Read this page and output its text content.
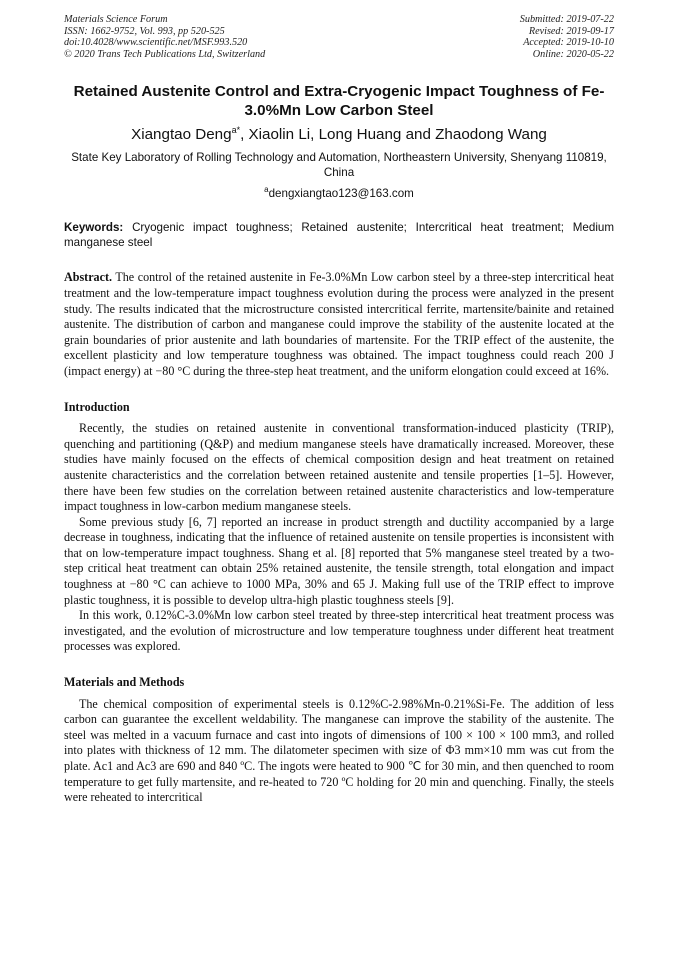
Materials Science Forum
ISSN: 1662-9752, Vol. 993, pp 520-525
doi:10.4028/www.scientific.net/MSF.993.520
© 2020 Trans Tech Publications Ltd, Switzerland
Submitted: 2019-07-22
Revised: 2019-09-17
Accepted: 2019-10-10
Online: 2020-05-22
Retained Austenite Control and Extra-Cryogenic Impact Toughness of Fe-3.0%Mn Low Carbon Steel
Xiangtao Deng$^{a*}$, Xiaolin Li, Long Huang and Zhaodong Wang
State Key Laboratory of Rolling Technology and Automation, Northeastern University, Shenyang 110819, China
$^a$dengxiangtao123@163.com
Keywords: Cryogenic impact toughness; Retained austenite; Intercritical heat treatment; Medium manganese steel
Abstract. The control of the retained austenite in Fe-3.0%Mn Low carbon steel by a three-step intercritical heat treatment and the low-temperature impact toughness evolution during the process were analyzed in the present study. The results indicated that the microstructure consisted intercritical ferrite, martensite/bainite and retained austenite. The distribution of carbon and manganese could improve the stability of the austenite located at the grain boundaries of prior austenite and lath boundaries of martensite. For the TRIP effect of the austenite, the excellent plasticity and low temperature toughness was obtained. The impact toughness could reach 200 J (impact energy) at −80 °C during the three-step heat treatment, and the uniform elongation could exceed at 16%.
Introduction

Recently, the studies on retained austenite in conventional transformation-induced plasticity (TRIP), quenching and partitioning (Q&P) and medium manganese steels have dramatically increased. Moreover, these studies have mainly focused on the effects of chemical composition design and heat treatment on retained austenite characteristics and the correlation between retained austenite and tensile properties [1–5]. However, there have been few studies on the correlation between retained austenite characteristics and low-temperature impact toughness in low-carbon medium manganese steels.

Some previous study [6, 7] reported an increase in product strength and ductility accompanied by a large decrease in toughness, indicating that the influence of retained austenite on tensile properties is inconsistent with that on low-temperature impact toughness. Shang et al. [8] reported that 5% manganese steel treated by a two-step critical heat treatment can obtain 25% retained austenite, the tensile strength, total elongation and impact toughness at −80 °C can achieve to 1000 MPa, 30% and 65 J. Making full use of the TRIP effect to improve plastic toughness, it is possible to develop ultra-high plastic toughness steels [9].

In this work, 0.12%C-3.0%Mn low carbon steel treated by three-step intercritical heat treatment process was investigated, and the evolution of microstructure and low temperature toughness under different heat treatment processes was explored.

Materials and Methods

The chemical composition of experimental steels is 0.12%C-2.98%Mn-0.21%Si-Fe. The addition of less carbon can guarantee the excellent weldability. The manganese can improve the stability of the austenite. The steel was melted in a vacuum furnace and cast into ingots of dimensions of 100 × 100 × 100 mm3, and rolled into plates with thickness of 12 mm. The dilatometer specimen with size of Φ3 mm×10 mm was cut from the plate. Ac1 and Ac3 are 690 and 840 ºC. The ingots were heated to 900 ℃ for 30 min, and then quenched to room temperature to get fully martensite, and re-heated to 720 ºC holding for 20 min and quenching. Finally, the steels were reheated to intercritical
